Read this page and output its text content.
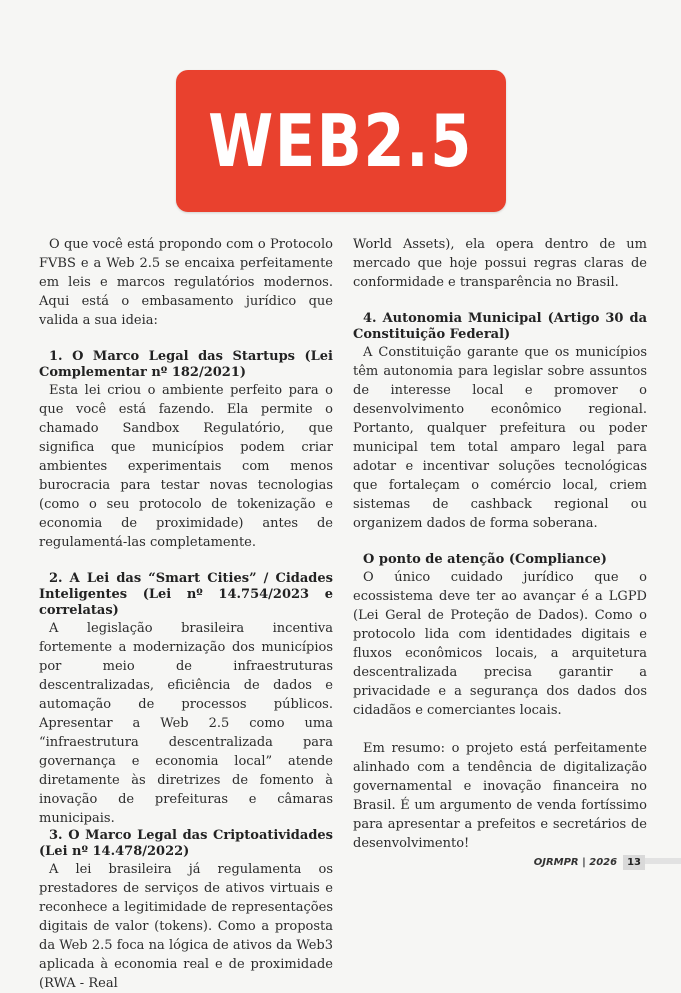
WEB2.5

O que você está propondo com o Protocolo FVBS e a Web 2.5 se encaixa perfeitamente em leis e marcos regulatórios modernos. Aqui está o embasamento jurídico que valida a sua ideia:

1. O Marco Legal das Startups (Lei Complementar nº 182/2021)

Esta lei criou o ambiente perfeito para o que você está fazendo. Ela permite o chamado Sandbox Regulatório, que significa que municípios podem criar ambientes experimentais com menos burocracia para testar novas tecnologias (como o seu protocolo de tokenização e economia de proximidade) antes de regulamentá-las completamente.

2. A Lei das “Smart Cities” / Cidades Inteligentes (Lei nº 14.754/2023 e correlatas)

A legislação brasileira incentiva fortemente a modernização dos municípios por meio de infraestruturas descentralizadas, eficiência de dados e automação de processos públicos. Apresentar a Web 2.5 como uma “infraestrutura descentralizada para governança e economia local” atende diretamente às diretrizes de fomento à inovação de prefeituras e câmaras municipais.

3. O Marco Legal das Criptoatividades (Lei nº 14.478/2022)

A lei brasileira já regulamenta os prestadores de serviços de ativos virtuais e reconhece a legitimidade de representações digitais de valor (tokens). Como a proposta da Web 2.5 foca na lógica de ativos da Web3 aplicada à economia real e de proximidade (RWA - Real

World Assets), ela opera dentro de um mercado que hoje possui regras claras de conformidade e transparência no Brasil.

4. Autonomia Municipal (Artigo 30 da Constituição Federal)

A Constituição garante que os municípios têm autonomia para legislar sobre assuntos de interesse local e promover o desenvolvimento econômico regional. Portanto, qualquer prefeitura ou poder municipal tem total amparo legal para adotar e incentivar soluções tecnológicas que fortaleçam o comércio local, criem sistemas de cashback regional ou organizem dados de forma soberana.

O ponto de atenção (Compliance)

O único cuidado jurídico que o ecossistema deve ter ao avançar é a LGPD (Lei Geral de Proteção de Dados). Como o protocolo lida com identidades digitais e fluxos econômicos locais, a arquitetura descentralizada precisa garantir a privacidade e a segurança dos dados dos cidadãos e comerciantes locais.

Em resumo: o projeto está perfeitamente alinhado com a tendência de digitalização governamental e inovação financeira no Brasil. É um argumento de venda fortíssimo para apresentar a prefeitos e secretários de desenvolvimento!

OJRMPR | 2026	13
